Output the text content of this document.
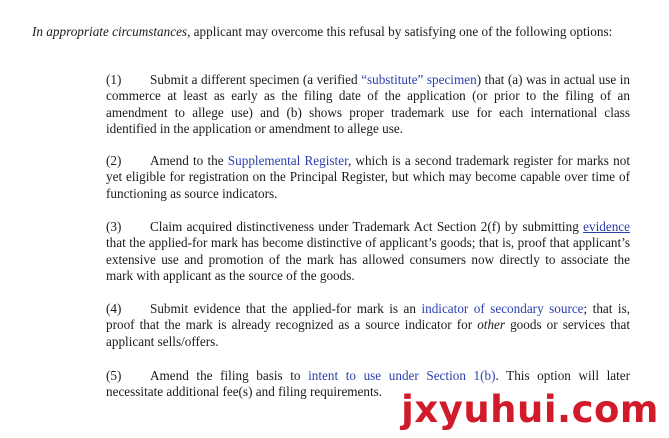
In appropriate circumstances, applicant may overcome this refusal by satisfying one of the following options:
(1) Submit a different specimen (a verified “substitute” specimen) that (a) was in actual use in commerce at least as early as the filing date of the application (or prior to the filing of an amendment to allege use) and (b) shows proper trademark use for each international class identified in the application or amendment to allege use.
(2) Amend to the Supplemental Register, which is a second trademark register for marks not yet eligible for registration on the Principal Register, but which may become capable over time of functioning as source indicators.
(3) Claim acquired distinctiveness under Trademark Act Section 2(f) by submitting evidence that the applied-for mark has become distinctive of applicant’s goods; that is, proof that applicant’s extensive use and promotion of the mark has allowed consumers now directly to associate the mark with applicant as the source of the goods.
(4) Submit evidence that the applied-for mark is an indicator of secondary source; that is, proof that the mark is already recognized as a source indicator for other goods or services that applicant sells/offers.
(5) Amend the filing basis to intent to use under Section 1(b). This option will later necessitate additional fee(s) and filing requirements. jxyuhui.com
